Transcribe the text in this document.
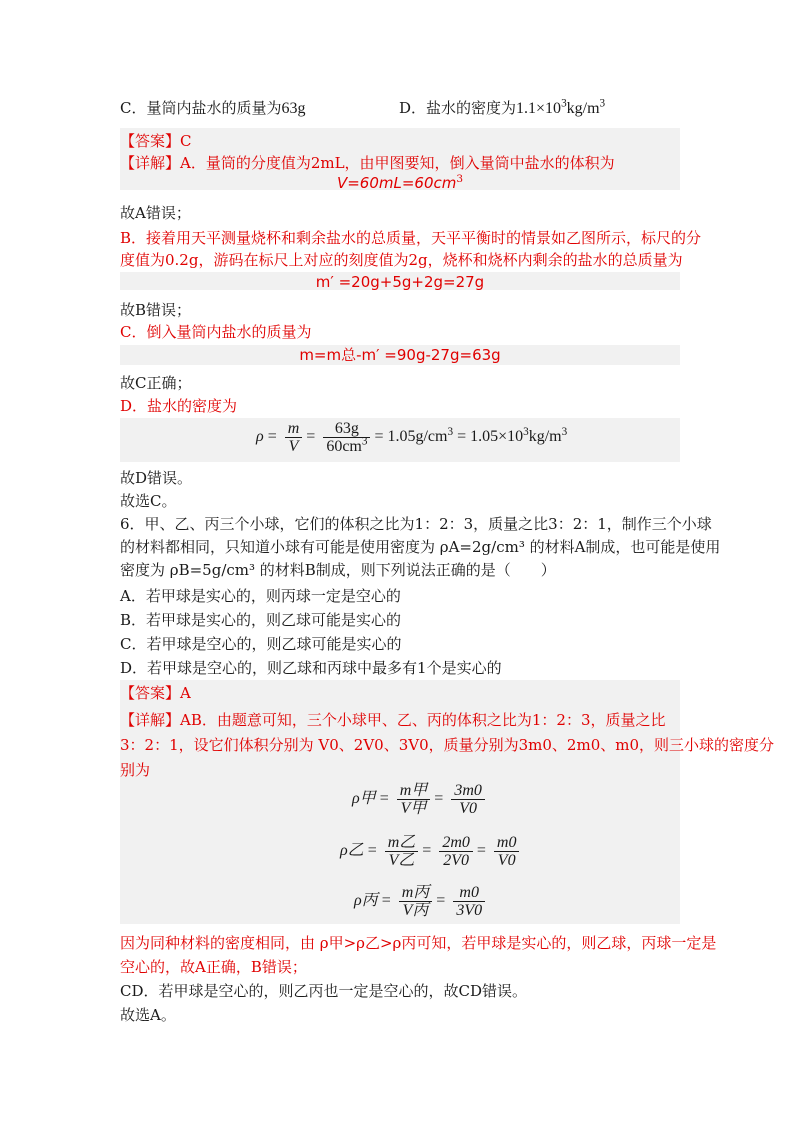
C．量筒内盐水的质量为63g	D．盐水的密度为$1.1\times 10^3kg/m^3$
【答案】C
【详解】A．量筒的分度值为2mL，由甲图要知，倒入量筒中盐水的体积为
$V=60mL=60cm^3$
故A错误；
B．接着用天平测量烧杯和剩余盐水的总质量，天平平衡时的情景如乙图所示，标尺的分
度值为0.2g，游码在标尺上对应的刻度值为2g，烧杯和烧杯内剩余的盐水的总质量为
m′ =20g+5g+2g=27g
故B错误；
C．倒入量筒内盐水的质量为
m=m总-m′ =90g-27g=63g
故C正确；
D．盐水的密度为
$\rho = \frac{m}{V} = \frac{63g}{60cm^3} = 1.05g/cm^3 = 1.05\times 10^3kg/m^3$
故D错误。
故选C。
6．甲、乙、丙三个小球，它们的体积之比为1：2：3，质量之比3：2：1，制作三个小球
的材料都相同，只知道小球有可能是使用密度为 ρA=2g/cm³ 的材料A制成，也可能是使用
密度为 ρB=5g/cm³ 的材料B制成，则下列说法正确的是（　　）
A．若甲球是实心的，则丙球一定是空心的
B．若甲球是实心的，则乙球可能是实心的
C．若甲球是空心的，则乙球可能是实心的
D．若甲球是空心的，则乙球和丙球中最多有1个是实心的
【答案】A
【详解】AB．由题意可知，三个小球甲、乙、丙的体积之比为1：2：3，质量之比
3：2：1，设它们体积分别为 V0、2V0、3V0，质量分别为3m0、2m0、m0，则三小球的密度分
别为
ρ甲 = $\frac{\text{m甲}}{\text{V甲}} = \frac{3m0}{V0}$
ρ乙 = $\frac{\text{m乙}}{\text{V乙}} = \frac{2m0}{2V0} = \frac{m0}{V0}$
ρ丙 = $\frac{\text{m丙}}{\text{V丙}} = \frac{m0}{3V0}$
因为同种材料的密度相同，由 ρ甲>ρ乙>ρ丙可知，若甲球是实心的，则乙球，丙球一定是
空心的，故A正确，B错误；
CD．若甲球是空心的，则乙丙也一定是空心的，故CD错误。
故选A。
